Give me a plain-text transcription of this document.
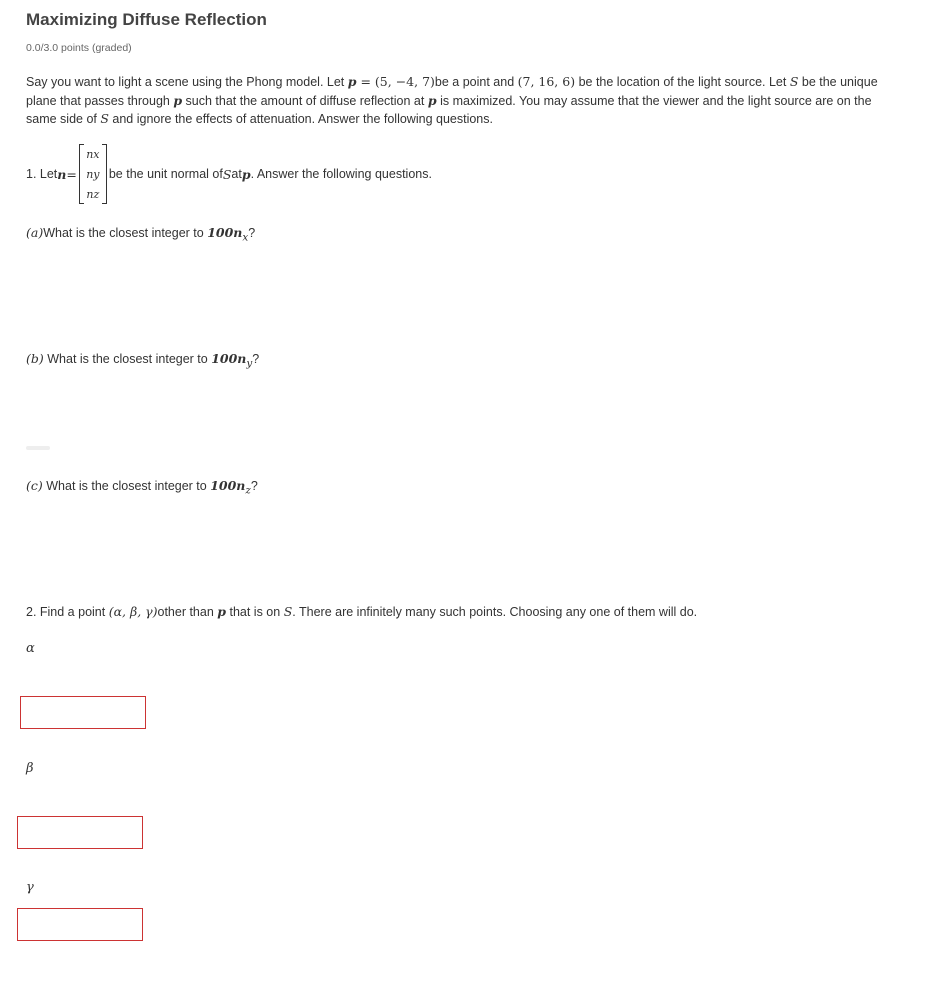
Maximizing Diffuse Reflection
0.0/3.0 points (graded)
Say you want to light a scene using the Phong model. Let p = (5, −4, 7)be a point and (7, 16, 6) be the location of the light source. Let S be the unique plane that passes through p such that the amount of diffuse reflection at p is maximized. You may assume that the viewer and the light source are on the same side of S and ignore the effects of attenuation. Answer the following questions.
1. Let n =
nx
ny
nz
be the unit normal of S at p . Answer the following questions.
(a)What is the closest integer to $100n_x$?
(b) What is the closest integer to $100n_y$?
(c) What is the closest integer to $100n_z$?
2. Find a point (α, β, γ)other than p that is on S. There are infinitely many such points. Choosing any one of them will do.
α
β
γ
